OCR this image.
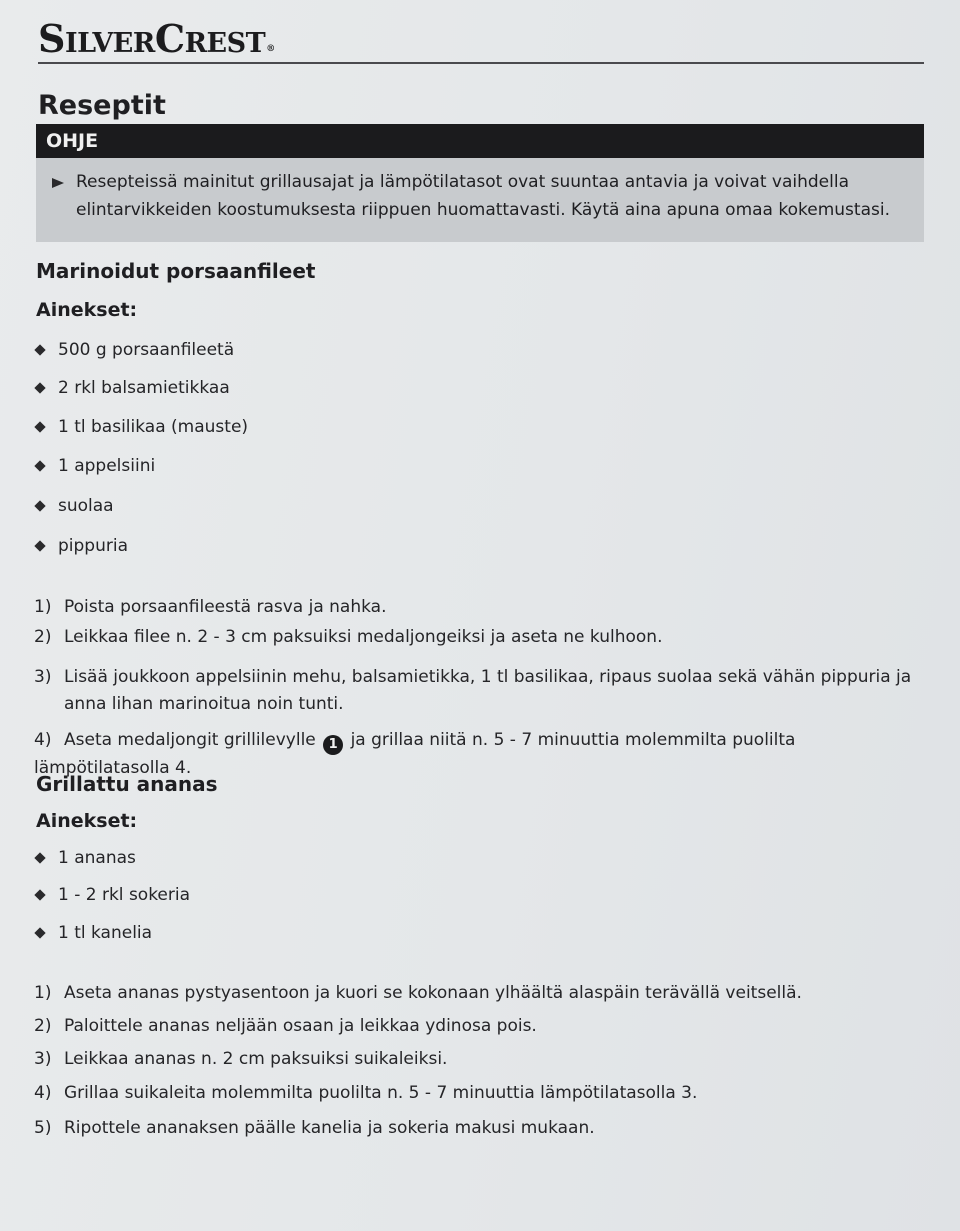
SilverCrest®
Reseptit
OHJE
Resepteissä mainitut grillausajat ja lämpötilatasot ovat suuntaa antavia ja voivat vaihdella elintarvikkeiden koostumuksesta riippuen huomattavasti. Käytä aina apuna omaa kokemustasi.
Marinoidut porsaanfileet
Ainekset:
500 g porsaanfileetä
2 rkl balsamietikkaa
1 tl basilikaa (mauste)
1 appelsiini
suolaa
pippuria
1) Poista porsaanfileestä rasva ja nahka.
2) Leikkaa filee n. 2 - 3 cm paksuiksi medaljongeiksi ja aseta ne kulhoon.
3) Lisää joukkoon appelsiinin mehu, balsamietikka, 1 tl basilikaa, ripaus suolaa sekä vähän pippuria ja
anna lihan marinoitua noin tunti.
4) Aseta medaljongit grillilevylle 1 ja grillaa niitä n. 5 - 7 minuuttia molemmilta puolilta lämpötilatasolla 4.
Grillattu ananas
Ainekset:
1 ananas
1 - 2 rkl sokeria
1 tl kanelia
1) Aseta ananas pystyasentoon ja kuori se kokonaan ylhäältä alaspäin terävällä veitsellä.
2) Paloittele ananas neljään osaan ja leikkaa ydinosa pois.
3) Leikkaa ananas n. 2 cm paksuiksi suikaleiksi.
4) Grillaa suikaleita molemmilta puolilta n. 5 - 7 minuuttia lämpötilatasolla 3.
5) Ripottele ananaksen päälle kanelia ja sokeria makusi mukaan.
